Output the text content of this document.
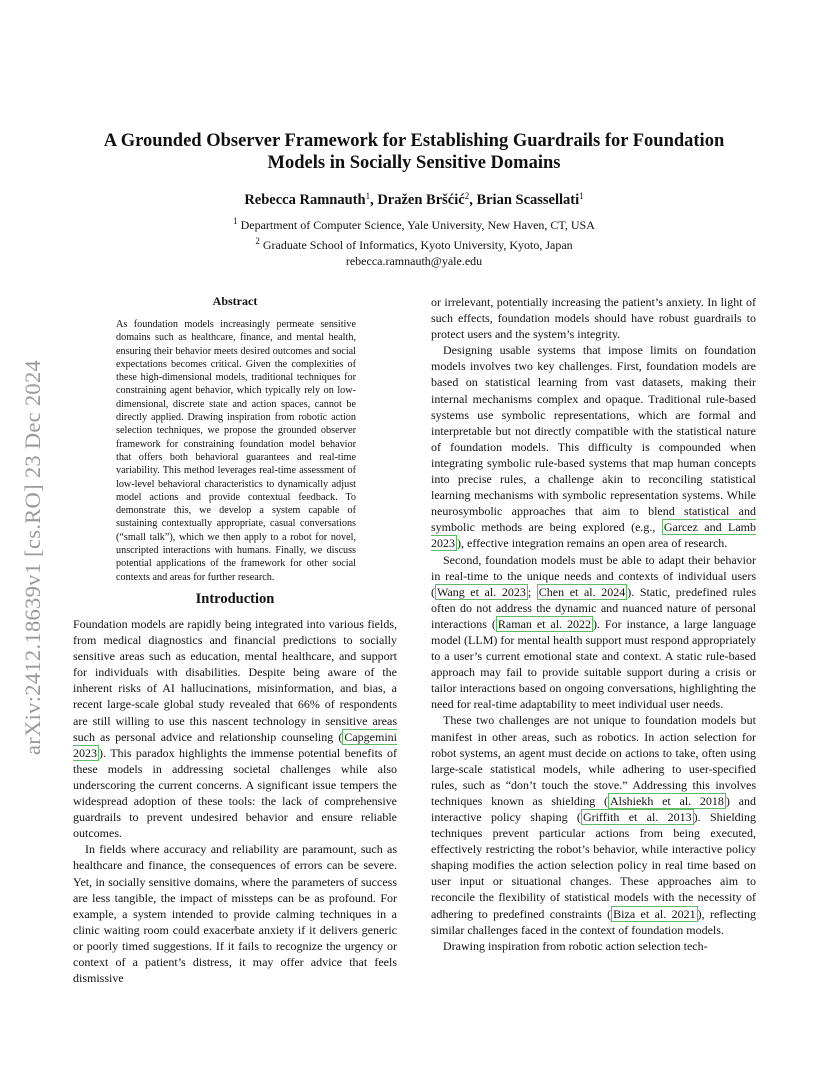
arXiv:2412.18639v1 [cs.RO] 23 Dec 2024
A Grounded Observer Framework for Establishing Guardrails for Foundation Models in Socially Sensitive Domains
Rebecca Ramnauth$^1$, Dražen Bršćić$^2$, Brian Scassellati$^1$
$^1$ Department of Computer Science, Yale University, New Haven, CT, USA
$^2$ Graduate School of Informatics, Kyoto University, Kyoto, Japan
rebecca.ramnauth@yale.edu
Abstract

As foundation models increasingly permeate sensitive domains such as healthcare, finance, and mental health, ensuring their behavior meets desired outcomes and social expectations becomes critical. Given the complexities of these high-dimensional models, traditional techniques for constraining agent behavior, which typically rely on low-dimensional, discrete state and action spaces, cannot be directly applied. Drawing inspiration from robotic action selection techniques, we propose the grounded observer framework for constraining foundation model behavior that offers both behavioral guarantees and real-time variability. This method leverages real-time assessment of low-level behavioral characteristics to dynamically adjust model actions and provide contextual feedback. To demonstrate this, we develop a system capable of sustaining contextually appropriate, casual conversations (“small talk”), which we then apply to a robot for novel, unscripted interactions with humans. Finally, we discuss potential applications of the framework for other social contexts and areas for further research.

Introduction

Foundation models are rapidly being integrated into various fields, from medical diagnostics and financial predictions to socially sensitive areas such as education, mental healthcare, and support for individuals with disabilities. Despite being aware of the inherent risks of AI hallucinations, misinformation, and bias, a recent large-scale global study revealed that 66% of respondents are still willing to use this nascent technology in sensitive areas such as personal advice and relationship counseling ( Capgemini 2023 ). This paradox highlights the immense potential benefits of these models in addressing societal challenges while also underscoring the current concerns. A significant issue tempers the widespread adoption of these tools: the lack of comprehensive guardrails to prevent undesired behavior and ensure reliable outcomes.

In fields where accuracy and reliability are paramount, such as healthcare and finance, the consequences of errors can be severe. Yet, in socially sensitive domains, where the parameters of success are less tangible, the impact of missteps can be as profound. For example, a system intended to provide calming techniques in a clinic waiting room could exacerbate anxiety if it delivers generic or poorly timed suggestions. If it fails to recognize the urgency or context of a patient’s distress, it may offer advice that feels dismissive

or irrelevant, potentially increasing the patient’s anxiety. In light of such effects, foundation models should have robust guardrails to protect users and the system’s integrity.

Designing usable systems that impose limits on foundation models involves two key challenges. First, foundation models are based on statistical learning from vast datasets, making their internal mechanisms complex and opaque. Traditional rule-based systems use symbolic representations, which are formal and interpretable but not directly compatible with the statistical nature of foundation models. This difficulty is compounded when integrating symbolic rule-based systems that map human concepts into precise rules, a challenge akin to reconciling statistical learning mechanisms with symbolic representation systems. While neurosymbolic approaches that aim to blend statistical and symbolic methods are being explored (e.g., Garcez and Lamb 2023 ), effective integration remains an open area of research.

Second, foundation models must be able to adapt their behavior in real-time to the unique needs and contexts of individual users ( Wang et al. 2023 ; Chen et al. 2024 ). Static, predefined rules often do not address the dynamic and nuanced nature of personal interactions ( Raman et al. 2022 ). For instance, a large language model (LLM) for mental health support must respond appropriately to a user’s current emotional state and context. A static rule-based approach may fail to provide suitable support during a crisis or tailor interactions based on ongoing conversations, highlighting the need for real-time adaptability to meet individual user needs.

These two challenges are not unique to foundation models but manifest in other areas, such as robotics. In action selection for robot systems, an agent must decide on actions to take, often using large-scale statistical models, while adhering to user-specified rules, such as “don’t touch the stove.” Addressing this involves techniques known as shielding ( Alshiekh et al. 2018 ) and interactive policy shaping ( Griffith et al. 2013 ). Shielding techniques prevent particular actions from being executed, effectively restricting the robot’s behavior, while interactive policy shaping modifies the action selection policy in real time based on user input or situational changes. These approaches aim to reconcile the flexibility of statistical models with the necessity of adhering to predefined constraints ( Biza et al. 2021 ), reflecting similar challenges faced in the context of foundation models.

Drawing inspiration from robotic action selection tech-
